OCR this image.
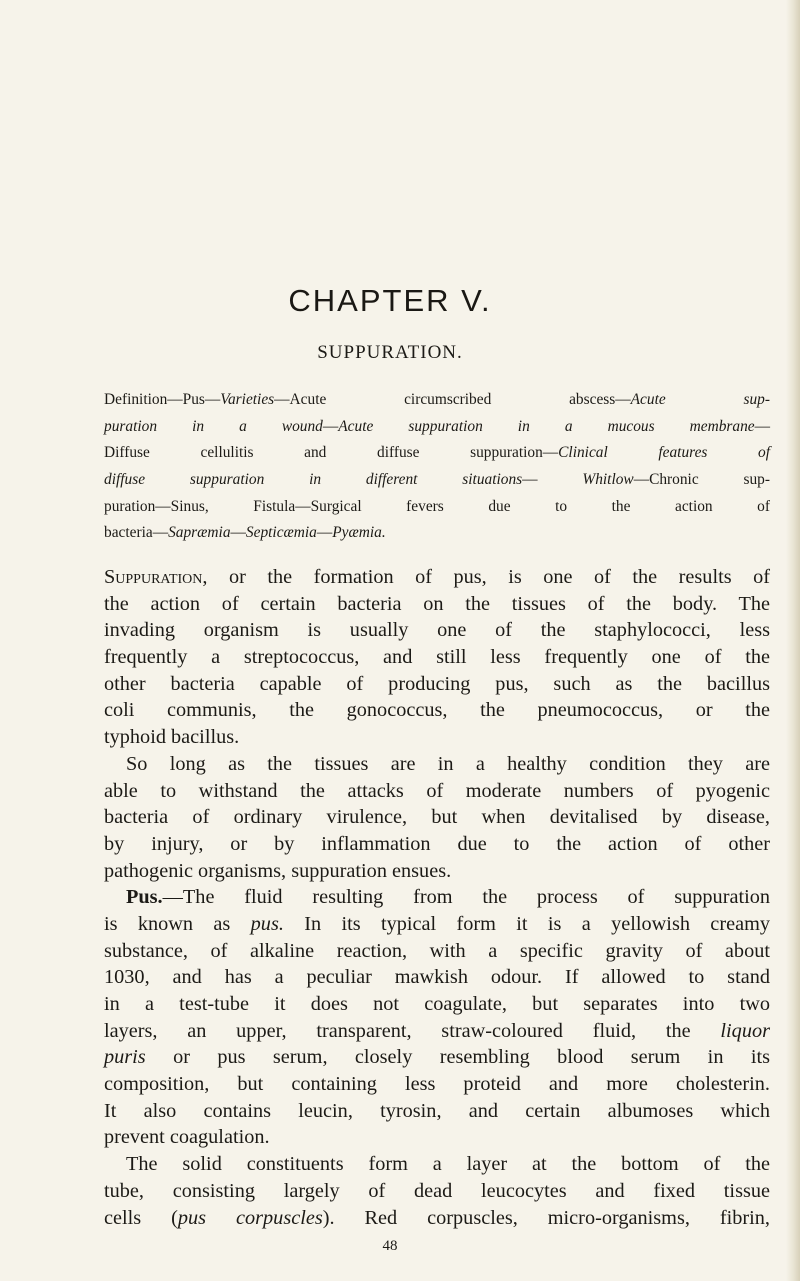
CHAPTER V.
SUPPURATION.
Definition—Pus—Varieties—Acute circumscribed abscess—Acute sup-
puration in a wound—Acute suppuration in a mucous membrane—
Diffuse cellulitis and diffuse suppuration—Clinical features of
diffuse suppuration in different situations— Whitlow—Chronic sup-
puration—Sinus, Fistula—Surgical fevers due to the action of
bacteria—Sapræmia—Septicæmia—Pyæmia.
Suppuration, or the formation of pus, is one of the results of
the action of certain bacteria on the tissues of the body. The
invading organism is usually one of the staphylococci, less
frequently a streptococcus, and still less frequently one of the
other bacteria capable of producing pus, such as the bacillus
coli communis, the gonococcus, the pneumococcus, or the
typhoid bacillus.
So long as the tissues are in a healthy condition they are
able to withstand the attacks of moderate numbers of pyogenic
bacteria of ordinary virulence, but when devitalised by disease,
by injury, or by inflammation due to the action of other
pathogenic organisms, suppuration ensues.
Pus.—The fluid resulting from the process of suppuration
is known as pus. In its typical form it is a yellowish creamy
substance, of alkaline reaction, with a specific gravity of about
1030, and has a peculiar mawkish odour. If allowed to stand
in a test-tube it does not coagulate, but separates into two
layers, an upper, transparent, straw-coloured fluid, the liquor
puris or pus serum, closely resembling blood serum in its
composition, but containing less proteid and more cholesterin.
It also contains leucin, tyrosin, and certain albumoses which
prevent coagulation.
The solid constituents form a layer at the bottom of the
tube, consisting largely of dead leucocytes and fixed tissue
cells (pus corpuscles). Red corpuscles, micro-organisms, fibrin,
48
